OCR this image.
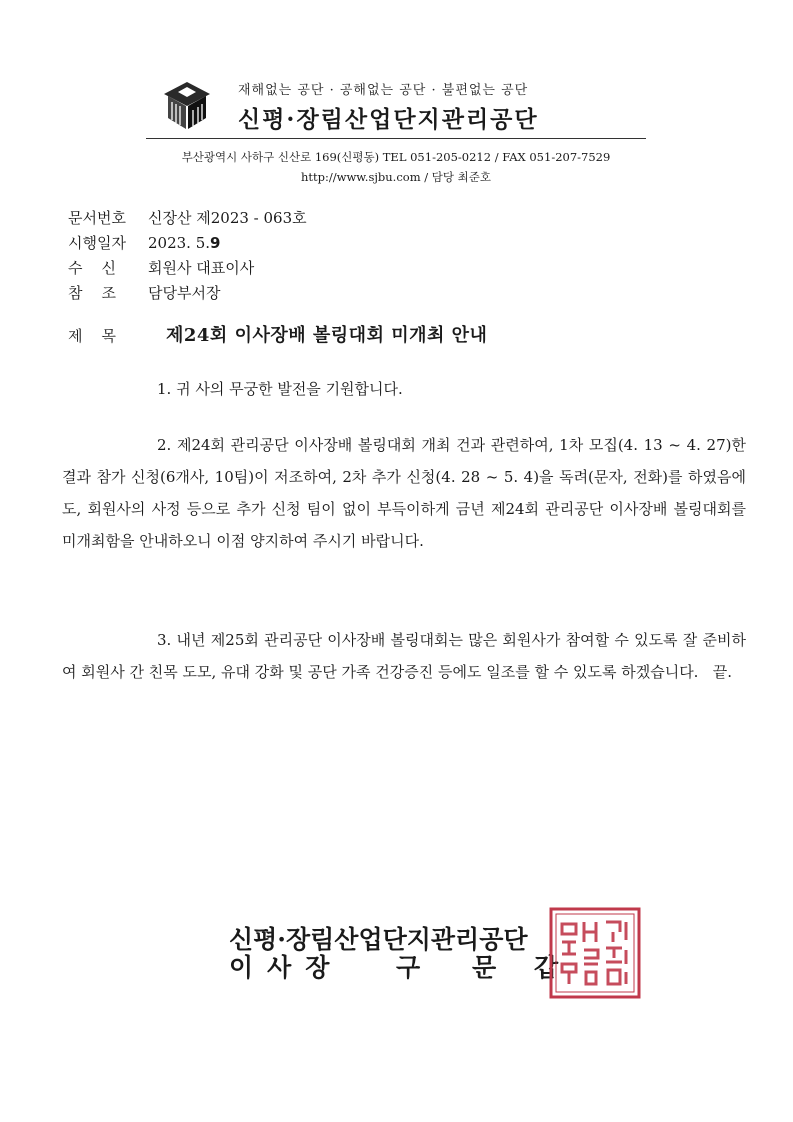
재해없는 공단 · 공해없는 공단 · 불편없는 공단
신평·장림산업단지관리공단
부산광역시 사하구 신산로 169(신평동) TEL 051-205-0212 / FAX 051-207-7529
http://www.sjbu.com / 담당 최준호
문서번호 신장산 제2023 - 063호
시행일자 2023. 5.9
수    신 회원사 대표이사
참    조 담당부서장
제    목	제24회 이사장배 볼링대회 미개최 안내

1. 귀 사의 무궁한 발전을 기원합니다.

2. 제24회 관리공단 이사장배 볼링대회 개최 건과 관련하여, 1차 모집(4. 13 ~ 4. 27)한 결과 참가 신청(6개사, 10팀)이 저조하여, 2차 추가 신청(4. 28 ~ 5. 4)을 독려(문자, 전화)를 하였음에도, 회원사의 사정 등으로 추가 신청 팀이 없이 부득이하게 금년 제24회 관리공단 이사장배 볼링대회를 미개최함을 안내하오니 이점 양지하여 주시기 바랍니다.

3. 내년 제25회 관리공단 이사장배 볼링대회는 많은 회원사가 참여할 수 있도록 잘 준비하여 회원사 간 친목 도모, 유대 강화 및 공단 가족 건강증진 등에도 일조를 할 수 있도록 하겠습니다.   끝.

신평·장림산업단지관리공단
이사장 구 문 갑
